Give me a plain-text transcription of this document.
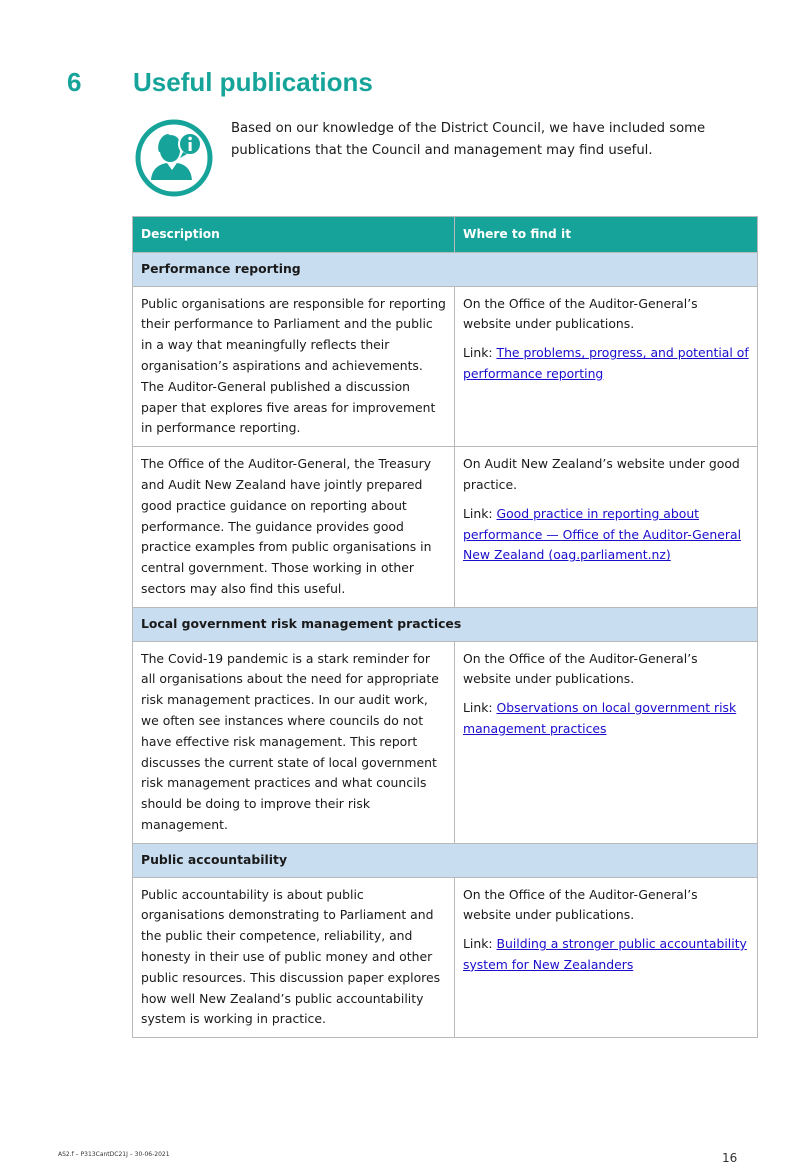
6	Useful publications
Based on our knowledge of the District Council, we have included some publications that the Council and management may find useful.
Description	Where to find it
Performance reporting	
Public organisations are responsible for reporting their performance to Parliament and the public in a way that meaningfully reflects their organisation’s aspirations and achievements. The Auditor-General published a discussion paper that explores five areas for improvement in performance reporting.	On the Office of the Auditor-General’s website under publications.

Link: The problems, progress, and potential of performance reporting

The Office of the Auditor-General, the Treasury and Audit New Zealand have jointly prepared good practice guidance on reporting about performance. The guidance provides good practice examples from public organisations in central government. Those working in other sectors may also find this useful.	On Audit New Zealand’s website under good practice.

Link: Good practice in reporting about performance — Office of the Auditor-General New Zealand (oag.parliament.nz)

Local government risk management practices	
The Covid-19 pandemic is a stark reminder for all organisations about the need for appropriate risk management practices. In our audit work, we often see instances where councils do not have effective risk management. This report discusses the current state of local government risk management practices and what councils should be doing to improve their risk management.	On the Office of the Auditor-General’s website under publications.

Link: Observations on local government risk management practices

Public accountability	
Public accountability is about public organisations demonstrating to Parliament and the public their competence, reliability, and honesty in their use of public money and other public resources. This discussion paper explores how well New Zealand’s public accountability system is working in practice.	On the Office of the Auditor-General’s website under publications.

Link: Building a stronger public accountability system for New Zealanders

AS2.f – P313CantDC21J – 30-06-2021	16
